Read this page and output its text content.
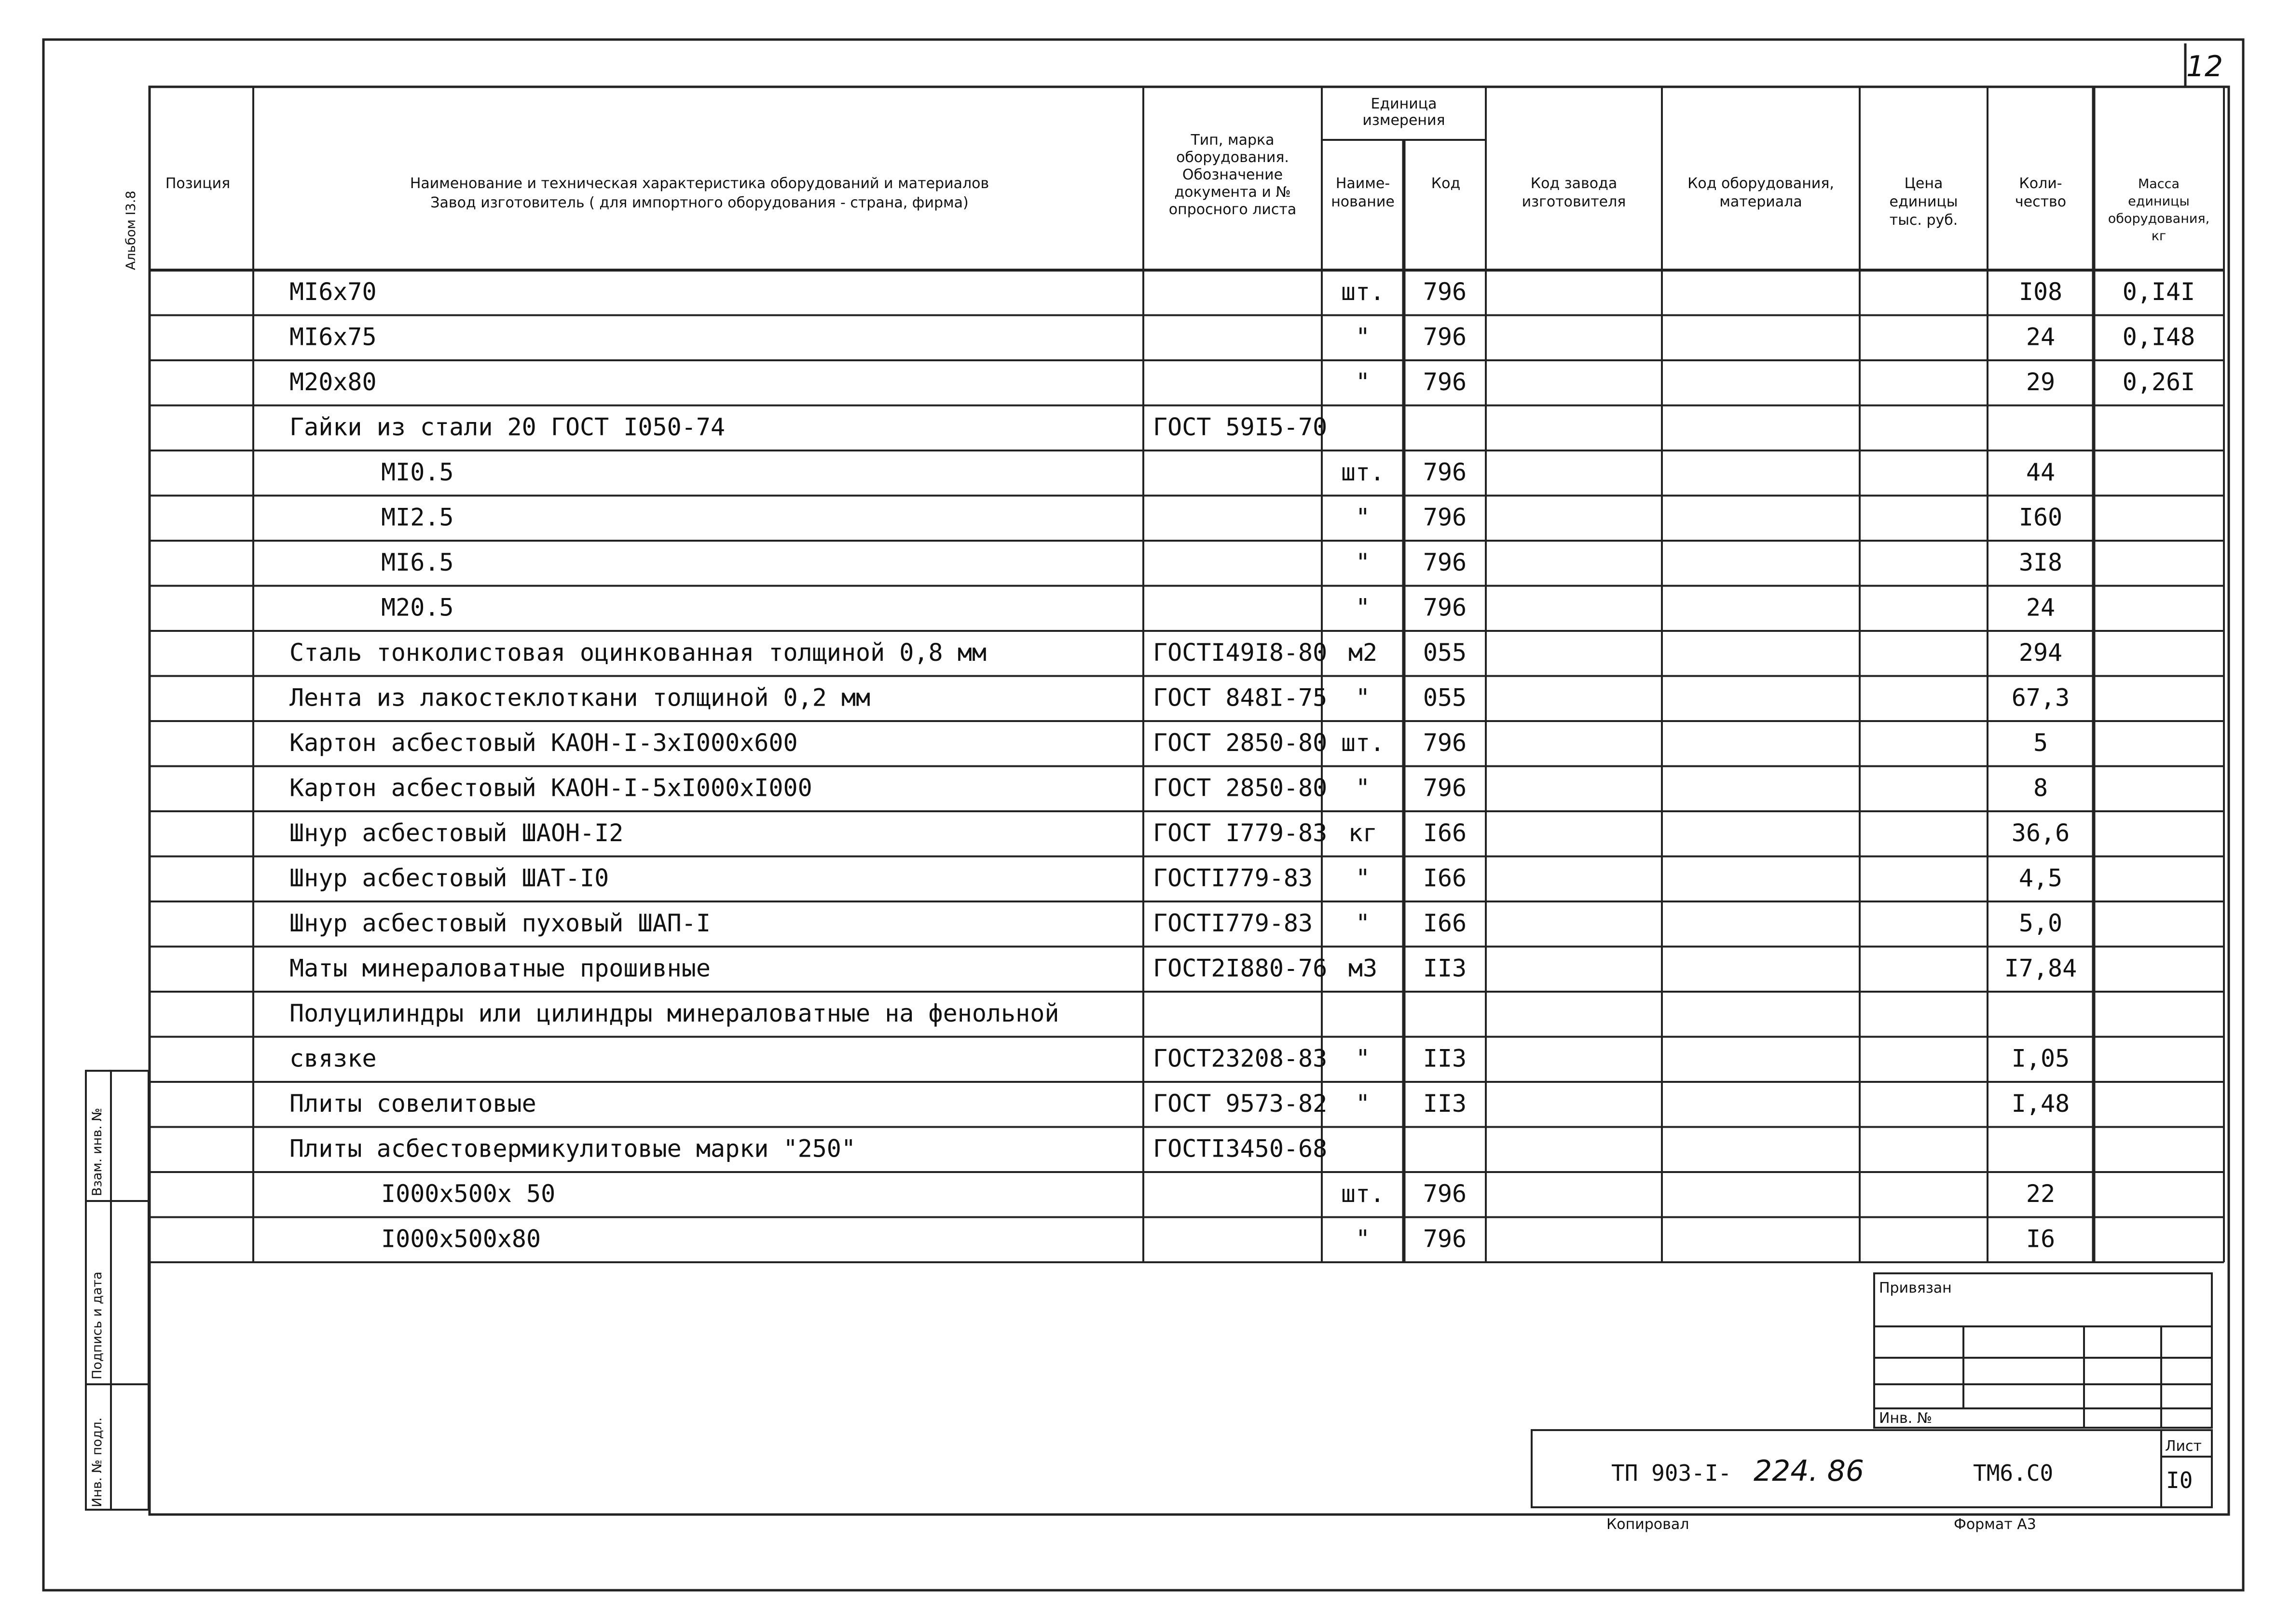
12
Альбом I3.8
Позиция	Наименование и техническая характеристика оборудований и материалов
Завод изготовитель ( для импортного оборудования - страна, фирма)
Тип, марка
оборудования.
Обозначение
документа и №
опросного листа
Единица
измерения
Наиме-
нование
Код	Код завода
изготовителя
Код оборудования,
материала
Цена
единицы
тыс. руб.
Коли-
чество
Масса
единицы
оборудования,
кг
MI6x70	шт. 796	I08 0,I4I
MI6x75	" 796	24	0,I48
M20x80	" 796	29	0,26I
Гайки из стали 20 ГОСТ I050-74	ГОСТ 59I5-70
MI0.5	шт. 796	44
MI2.5	" 796	I60
MI6.5	" 796	3I8
M20.5	" 796	24
Сталь тонколистовая оцинкованная толщиной 0,8 мм	ГОСТI49I8-80 м2 055	294
Лента из лакостеклоткани толщиной 0,2 мм	ГОСТ 848I-75 " 055	67,3
Картон асбестовый КАОН-I-3xI000x600	ГОСТ 2850-80 шт. 796	5
Картон асбестовый КАОН-I-5xI000xI000	ГОСТ 2850-80 " 796	8
Шнур асбестовый ШАОН-I2	ГОСТ I779-83 кг I66	36,6
Шнур асбестовый ШАТ-I0	ГОСТI779-83 " I66	4,5
Шнур асбестовый пуховый ШАП-I	ГОСТI779-83 " I66	5,0
Маты минераловатные прошивные	ГОСТ2I880-76 м3 II3	I7,84
Полуцилиндры или цилиндры минераловатные на фенольной
связке	ГОСТ23208-83 " II3	I,05
Плиты совелитовые	ГОСТ 9573-82 " II3	I,48
Плиты асбестовермикулитовые марки "250"	ГОСТI3450-68
I000x500x 50	шт. 796	22
I000x500x80	" 796	I6
Взам. инв. №
Подпись и дата
Инв. № подл.
Привязан
Инв. №
ТП 903-I- 224. 86	ТМ6.С0
Лист
I0
Копировал	Формат А3
